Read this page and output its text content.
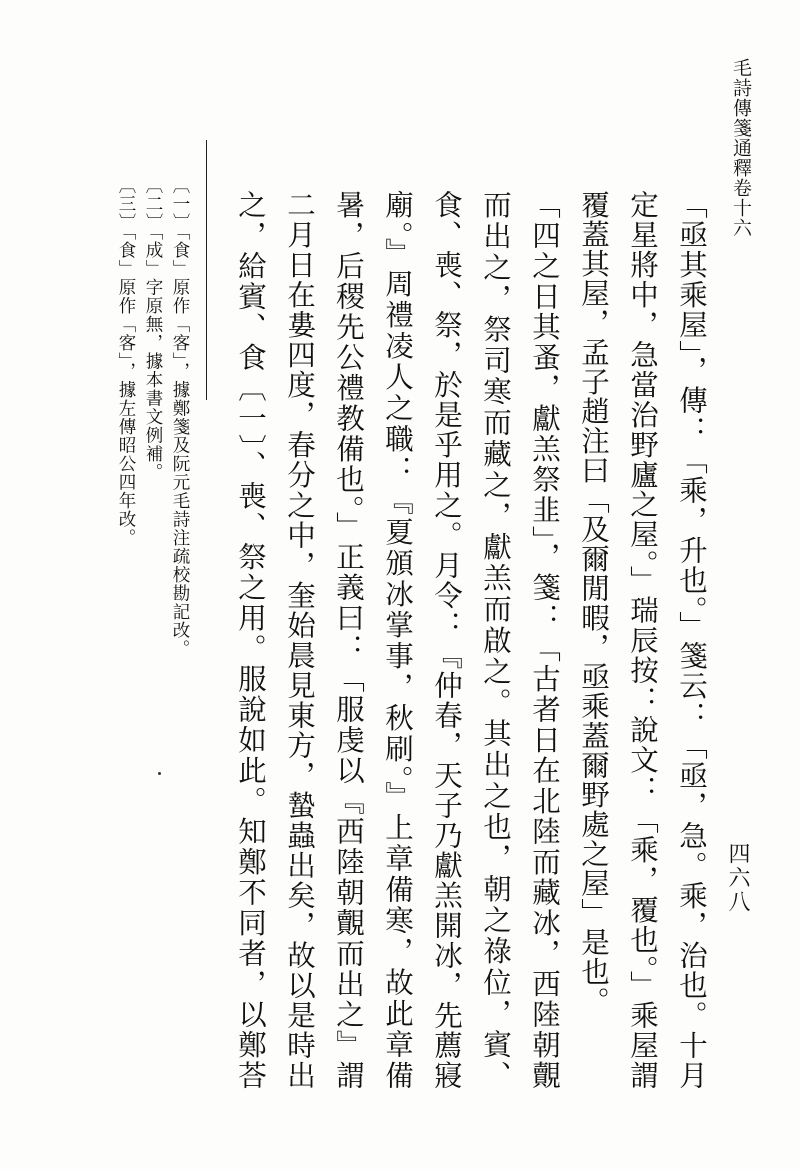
毛詩傳箋通釋卷十六
四六八

「亟其乘屋」，傳：「乘，升也。」箋云：「亟，急。乘，治也。十月定星將中，急當治野廬之屋。」瑞辰按：說文：「乘，覆也。」乘屋謂覆蓋其屋，孟子趙注曰「及爾閒暇，亟乘蓋爾野處之屋」是也。

「四之日其蚤，獻羔祭韭」，箋：「古者日在北陸而藏冰，西陸朝覿而出之，祭司寒而藏之，獻羔而啟之。其出之也，朝之祿位，賓、食、喪、祭，於是乎用之。月令：『仲春，天子乃獻羔開冰，先薦寢廟。』周禮凌人之職：『夏頒冰掌事，秋刷。』上章備寒，故此章備暑，后稷先公禮教備也。」正義曰：「服虔以『西陸朝覿而出之』謂二月日在婁四度，春分之中，奎始晨見東方，蟄蟲出矣，故以是時出之，給賓、食〔一〕、喪、祭之用。服說如此。知鄭不同者，以鄭荅

〔一〕「食」原作「客」，據鄭箋及阮元毛詩注疏校勘記改。

〔二〕「成」字原無，據本書文例補。

〔三〕「食」原作「客」，據左傳昭公四年改。
